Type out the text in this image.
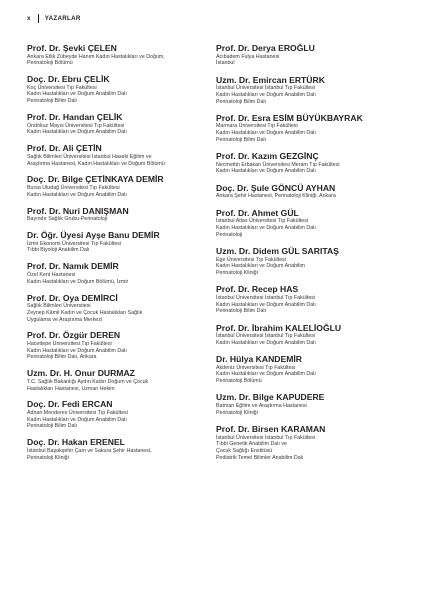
x YAZARLAR
Prof. Dr. Şevki ÇELEN
Ankara Etlik Zübeyde Hanım Kadın Hastalıkları ve Doğum,
Perinatoloji Bölümü
Doç. Dr. Ebru ÇELİK
Koç Üniversitesi Tıp Fakültesi
Kadın Hastalıkları ve Doğum Anabilim Dalı
Perinatoloji Bilim Dalı
Prof. Dr. Handan ÇELİK
Ondokuz Mayıs Üniversitesi Tıp Fakültesi
Kadın Hastalıkları ve Doğum Anabilim Dalı
Prof. Dr. Ali ÇETİN
Sağlık Bilimleri Üniversitesi İstanbul Haseki Eğitim ve
Araştırma Hastanesi, Kadın Hastalıkları ve Doğum Bölümü
Doç. Dr. Bilge ÇETİNKAYA DEMİR
Bursa Uludağ Üniversitesi Tıp Fakültesi
Kadın Hastalıkları ve Doğum Anabilim Dalı
Prof. Dr. Nuri DANIŞMAN
Bayındır Sağlık Grubu-Perinatoloji
Dr. Öğr. Üyesi Ayşe Banu DEMİR
İzmir Ekonomi Üniversitesi Tıp Fakültesi
Tıbbi Biyoloji Anabilim Dalı
Prof. Dr. Namık DEMİR
Özel Kent Hastanesi
Kadın Hastalıkları ve Doğum Bölümü, İzmir
Prof. Dr. Oya DEMİRCİ
Sağlık Bilimleri Üniversitesi
Zeynep Kâmil Kadın ve Çocuk Hastalıkları Sağlık
Uygulama ve Araştırma Merkezi
Prof. Dr. Özgür DEREN
Hacettepe Üniversitesi Tıp Fakültesi
Kadın Hastalıkları ve Doğum Anabilim Dalı
Perinatoloji Bilim Dalı, Ankara
Uzm. Dr. H. Onur DURMAZ
T.C. Sağlık Bakanlığı Aydın Kadın Doğum ve Çocuk
Hastalıkları Hastanesi, Uzman Hekim
Doç. Dr. Fedi ERCAN
Adnan Menderes Üniversitesi Tıp Fakültesi
Kadın Hastalıkları ve Doğum Anabilim Dalı
Perinatoloji Bilim Dalı
Doç. Dr. Hakan ERENEL
İstanbul Başakşehir Çam ve Sakura Şehir Hastanesi,
Perinatoloji Kliniği
Prof. Dr. Derya EROĞLU
Acıbadem Fulya Hastanesi
İstanbul
Uzm. Dr. Emircan ERTÜRK
İstanbul Üniversitesi İstanbul Tıp Fakültesi
Kadın Hastalıkları ve Doğum Anabilim Dalı
Perinatoloji Bilim Dalı
Prof. Dr. Esra ESİM BÜYÜKBAYRAK
Marmara Üniversitesi Tıp Fakültesi
Kadın Hastalıkları ve Doğum Anabilim Dalı
Perinatoloji Bilim Dalı
Prof. Dr. Kazım GEZGİNÇ
Necmettin Erbakan Üniversitesi Meram Tıp Fakültesi
Kadın Hastalıkları ve Doğum Anabilim Dalı
Doç. Dr. Şule GÖNCÜ AYHAN
Ankara Şehir Hastanesi, Perinatoloji Kliniği, Ankara
Prof. Dr. Ahmet GÜL
İstanbul Atlas Üniversitesi Tıp Fakültesi
Kadın Hastalıkları ve Doğum Anabilim Dalı
Perinatoloji
Uzm. Dr. Didem GÜL SARITAŞ
Ege Üniversitesi Tıp Fakültesi
Kadın Hastalıkları ve Doğum Anabilim
Perinatoloji Kliniği
Prof. Dr. Recep HAS
İstanbul Üniversitesi İstanbul Tıp Fakültesi
Kadın Hastalıkları ve Doğum Anabilim Dalı
Perinatoloji Bilim Dalı
Prof. Dr. İbrahim KALELİOĞLU
İstanbul Üniversitesi İstanbul Tıp Fakültesi
Kadın Hastalıkları ve Doğum Anabilim Dalı
Dr. Hülya KANDEMİR
Akdeniz Üniversitesi Tıp Fakültesi
Kadın Hastalıkları ve Doğum Anabilim Dalı
Perinatoloji Bölümü
Uzm. Dr. Bilge KAPUDERE
Batman Eğitim ve Araştırma Hastanesi
Perinatoloji Kliniği
Prof. Dr. Birsen KARAMAN
İstanbul Üniversitesi İstanbul Tıp Fakültesi
Tıbbi Genetik Anabilim Dalı ve
Çocuk Sağlığı Enstitüsü
Pediatrik Temel Bilimler Anabilim Dalı
